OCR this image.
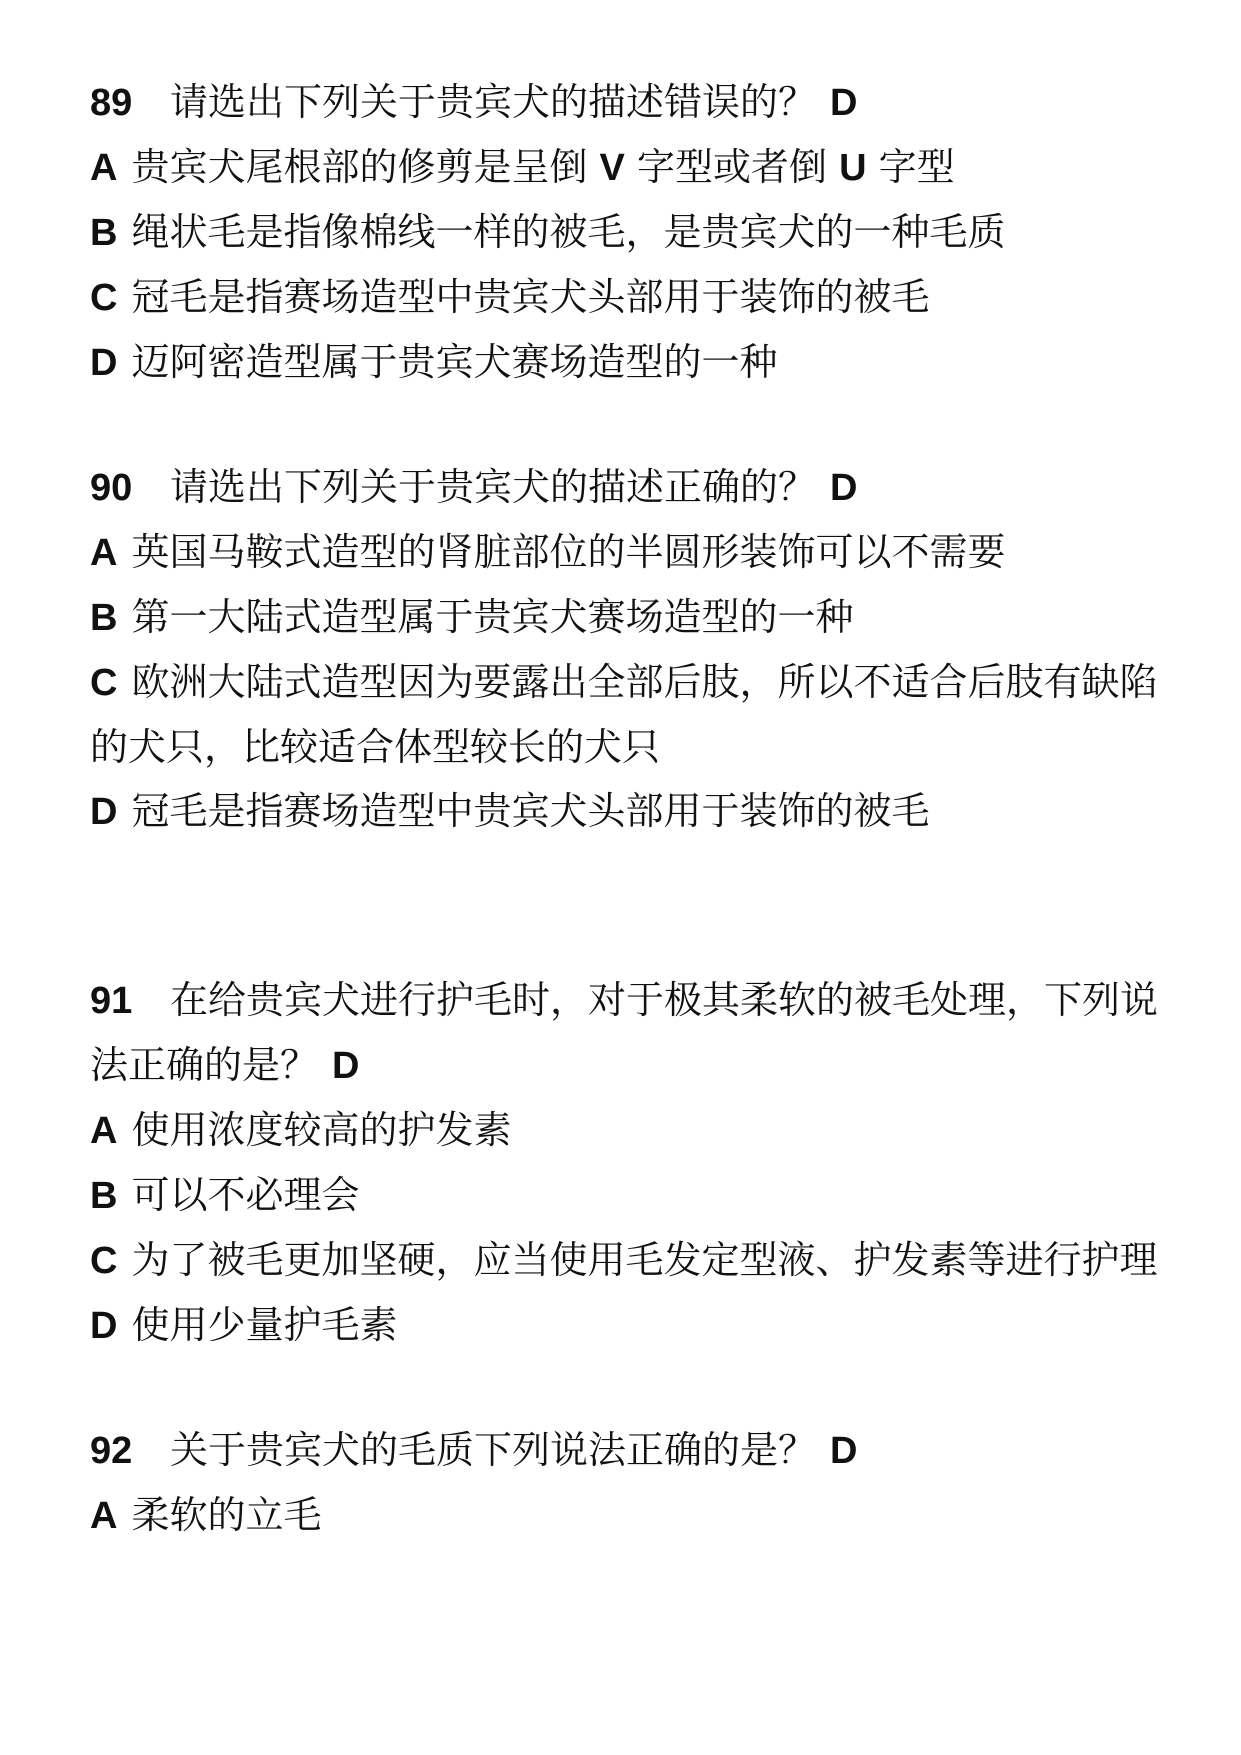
89 请选出下列关于贵宾犬的描述错误的？ D

A 贵宾犬尾根部的修剪是呈倒 V 字型或者倒 U 字型

B 绳状毛是指像棉线一样的被毛，是贵宾犬的一种毛质

C 冠毛是指赛场造型中贵宾犬头部用于装饰的被毛

D 迈阿密造型属于贵宾犬赛场造型的一种

90 请选出下列关于贵宾犬的描述正确的？ D

A 英国马鞍式造型的肾脏部位的半圆形装饰可以不需要

B 第一大陆式造型属于贵宾犬赛场造型的一种

C 欧洲大陆式造型因为要露出全部后肢，所以不适合后肢有缺陷的犬只，比较适合体型较长的犬只

D 冠毛是指赛场造型中贵宾犬头部用于装饰的被毛

91 在给贵宾犬进行护毛时，对于极其柔软的被毛处理，下列说法正确的是？ D

A 使用浓度较高的护发素

B 可以不必理会

C 为了被毛更加坚硬，应当使用毛发定型液、护发素等进行护理

D 使用少量护毛素

92 关于贵宾犬的毛质下列说法正确的是？ D

A 柔软的立毛
